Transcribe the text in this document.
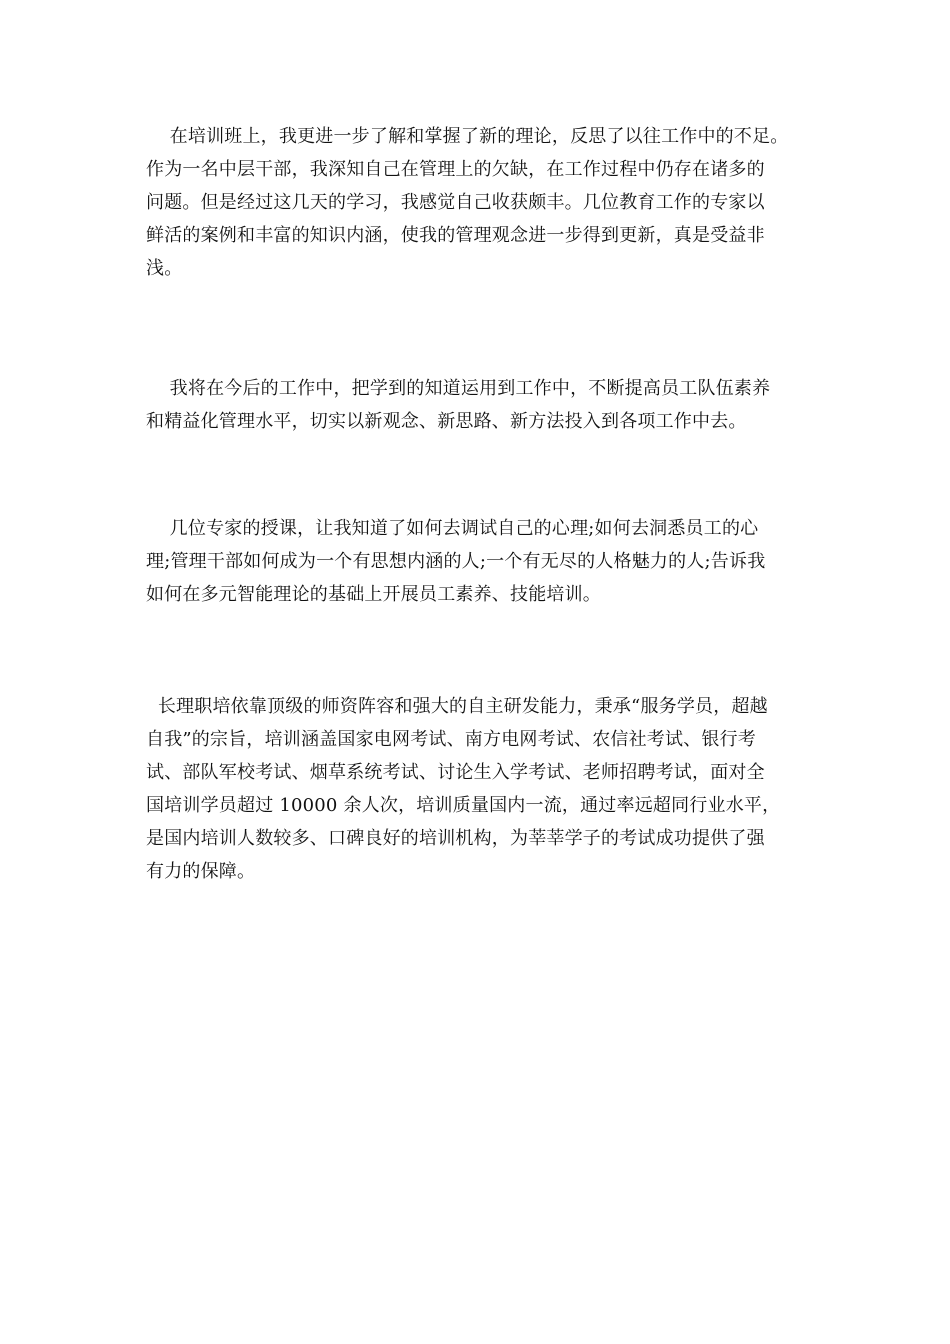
在培训班上，我更进一步了解和掌握了新的理论，反思了以往工作中的不足。
作为一名中层干部，我深知自己在管理上的欠缺，在工作过程中仍存在诸多的
问题。但是经过这几天的学习，我感觉自己收获颇丰。几位教育工作的专家以
鲜活的案例和丰富的知识内涵，使我的管理观念进一步得到更新，真是受益非
浅。
我将在今后的工作中，把学到的知道运用到工作中，不断提高员工队伍素养
和精益化管理水平，切实以新观念、新思路、新方法投入到各项工作中去。
几位专家的授课，让我知道了如何去调试自己的心理;如何去洞悉员工的心
理;管理干部如何成为一个有思想内涵的人;一个有无尽的人格魅力的人;告诉我
如何在多元智能理论的基础上开展员工素养、技能培训。
长理职培依靠顶级的师资阵容和强大的自主研发能力，秉承“服务学员，超越
自我”的宗旨，培训涵盖国家电网考试、南方电网考试、农信社考试、银行考
试、部队军校考试、烟草系统考试、讨论生入学考试、老师招聘考试，面对全
国培训学员超过 10000 余人次，培训质量国内一流，通过率远超同行业水平，
是国内培训人数较多、口碑良好的培训机构，为莘莘学子的考试成功提供了强
有力的保障。
